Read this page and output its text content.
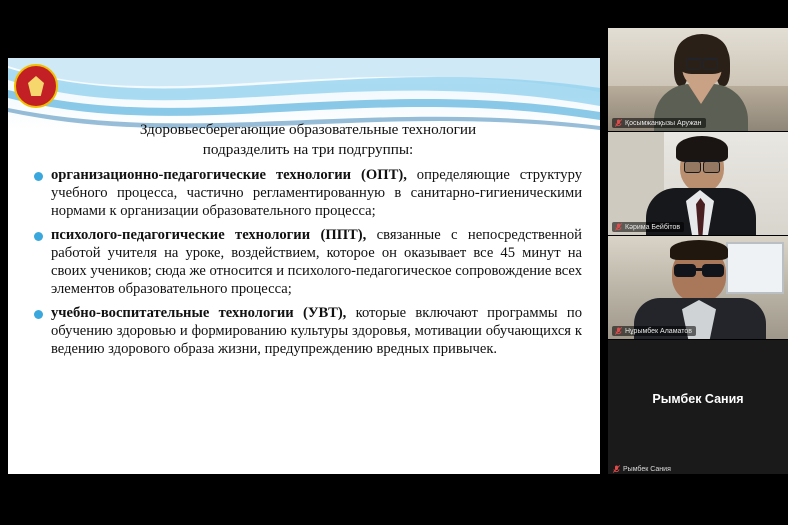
Здоровьесберегающие образовательные технологии
подразделить на три подгруппы:
организационно-педагогические технологии (ОПТ), определяющие структуру учебного процесса, частично регламентированную в санитарно-гигиеническими нормами к организации образовательного процесса;
психолого-педагогические технологии (ППТ), связанные с непосредственной работой учителя на уроке, воздействием, которое он оказывает все 45 минут на своих учеников; сюда же относится и психолого-педагогическое сопровождение всех элементов образовательного процесса;
учебно-воспитательные технологии (УВТ), которые включают программы по обучению здоровью и формированию культуры здоровья, мотивации обучающихся к ведению здорового образа жизни, предупреждению вредных привычек.
Қосымжанқызы Аружан
Кәрима Бейбітов
Нұрымбек Аламатов
Рымбек Сания
Рымбек Сания
